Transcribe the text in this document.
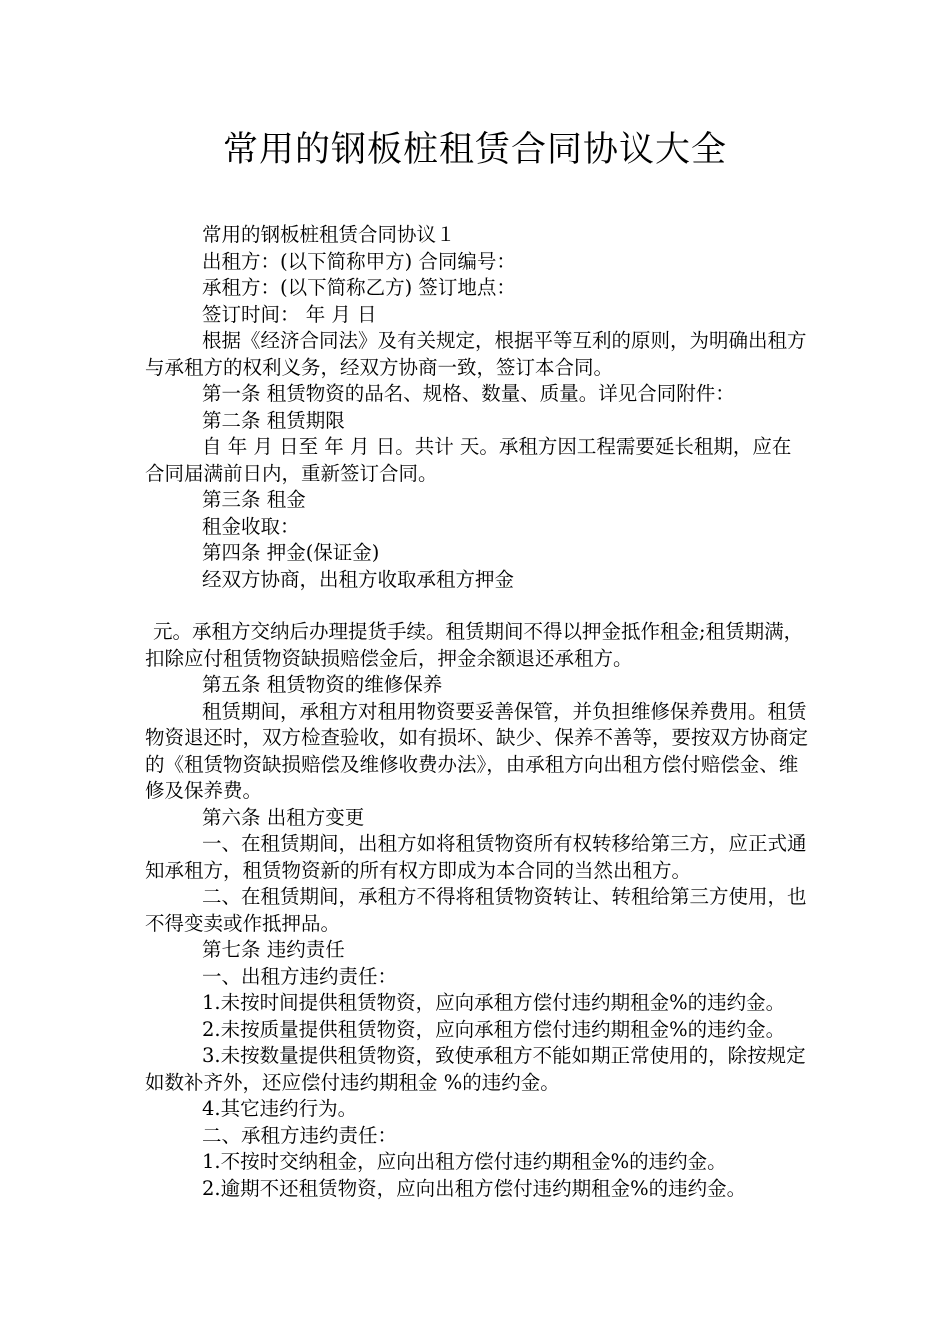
常用的钢板桩租赁合同协议大全

常用的钢板桩租赁合同协议１

出租方：(以下简称甲方) 合同编号：

承租方：(以下简称乙方) 签订地点：

签订时间： 年 月 日

根据《经济合同法》及有关规定，根据平等互利的原则，为明确出租方与承租方的权利义务，经双方协商一致，签订本合同。

第一条 租赁物资的品名、规格、数量、质量。详见合同附件：

第二条 租赁期限

自 年 月 日至 年 月 日。共计 天。承租方因工程需要延长租期，应在合同届满前日内，重新签订合同。

第三条 租金

租金收取：

第四条 押金(保证金)

经双方协商，出租方收取承租方押金

元。承租方交纳后办理提货手续。租赁期间不得以押金抵作租金;租赁期满，扣除应付租赁物资缺损赔偿金后，押金余额退还承租方。

第五条 租赁物资的维修保养

租赁期间，承租方对租用物资要妥善保管，并负担维修保养费用。租赁物资退还时，双方检查验收，如有损坏、缺少、保养不善等，要按双方协商定的《租赁物资缺损赔偿及维修收费办法》，由承租方向出租方偿付赔偿金、维修及保养费。

第六条 出租方变更

一、在租赁期间，出租方如将租赁物资所有权转移给第三方，应正式通知承租方，租赁物资新的所有权方即成为本合同的当然出租方。

二、在租赁期间，承租方不得将租赁物资转让、转租给第三方使用，也不得变卖或作抵押品。

第七条 违约责任

一、出租方违约责任：

1.未按时间提供租赁物资，应向承租方偿付违约期租金%的违约金。

2.未按质量提供租赁物资，应向承租方偿付违约期租金%的违约金。

3.未按数量提供租赁物资，致使承租方不能如期正常使用的，除按规定如数补齐外，还应偿付违约期租金 %的违约金。

4.其它违约行为。

二、承租方违约责任：

1.不按时交纳租金，应向出租方偿付违约期租金%的违约金。

2.逾期不还租赁物资，应向出租方偿付违约期租金%的违约金。
